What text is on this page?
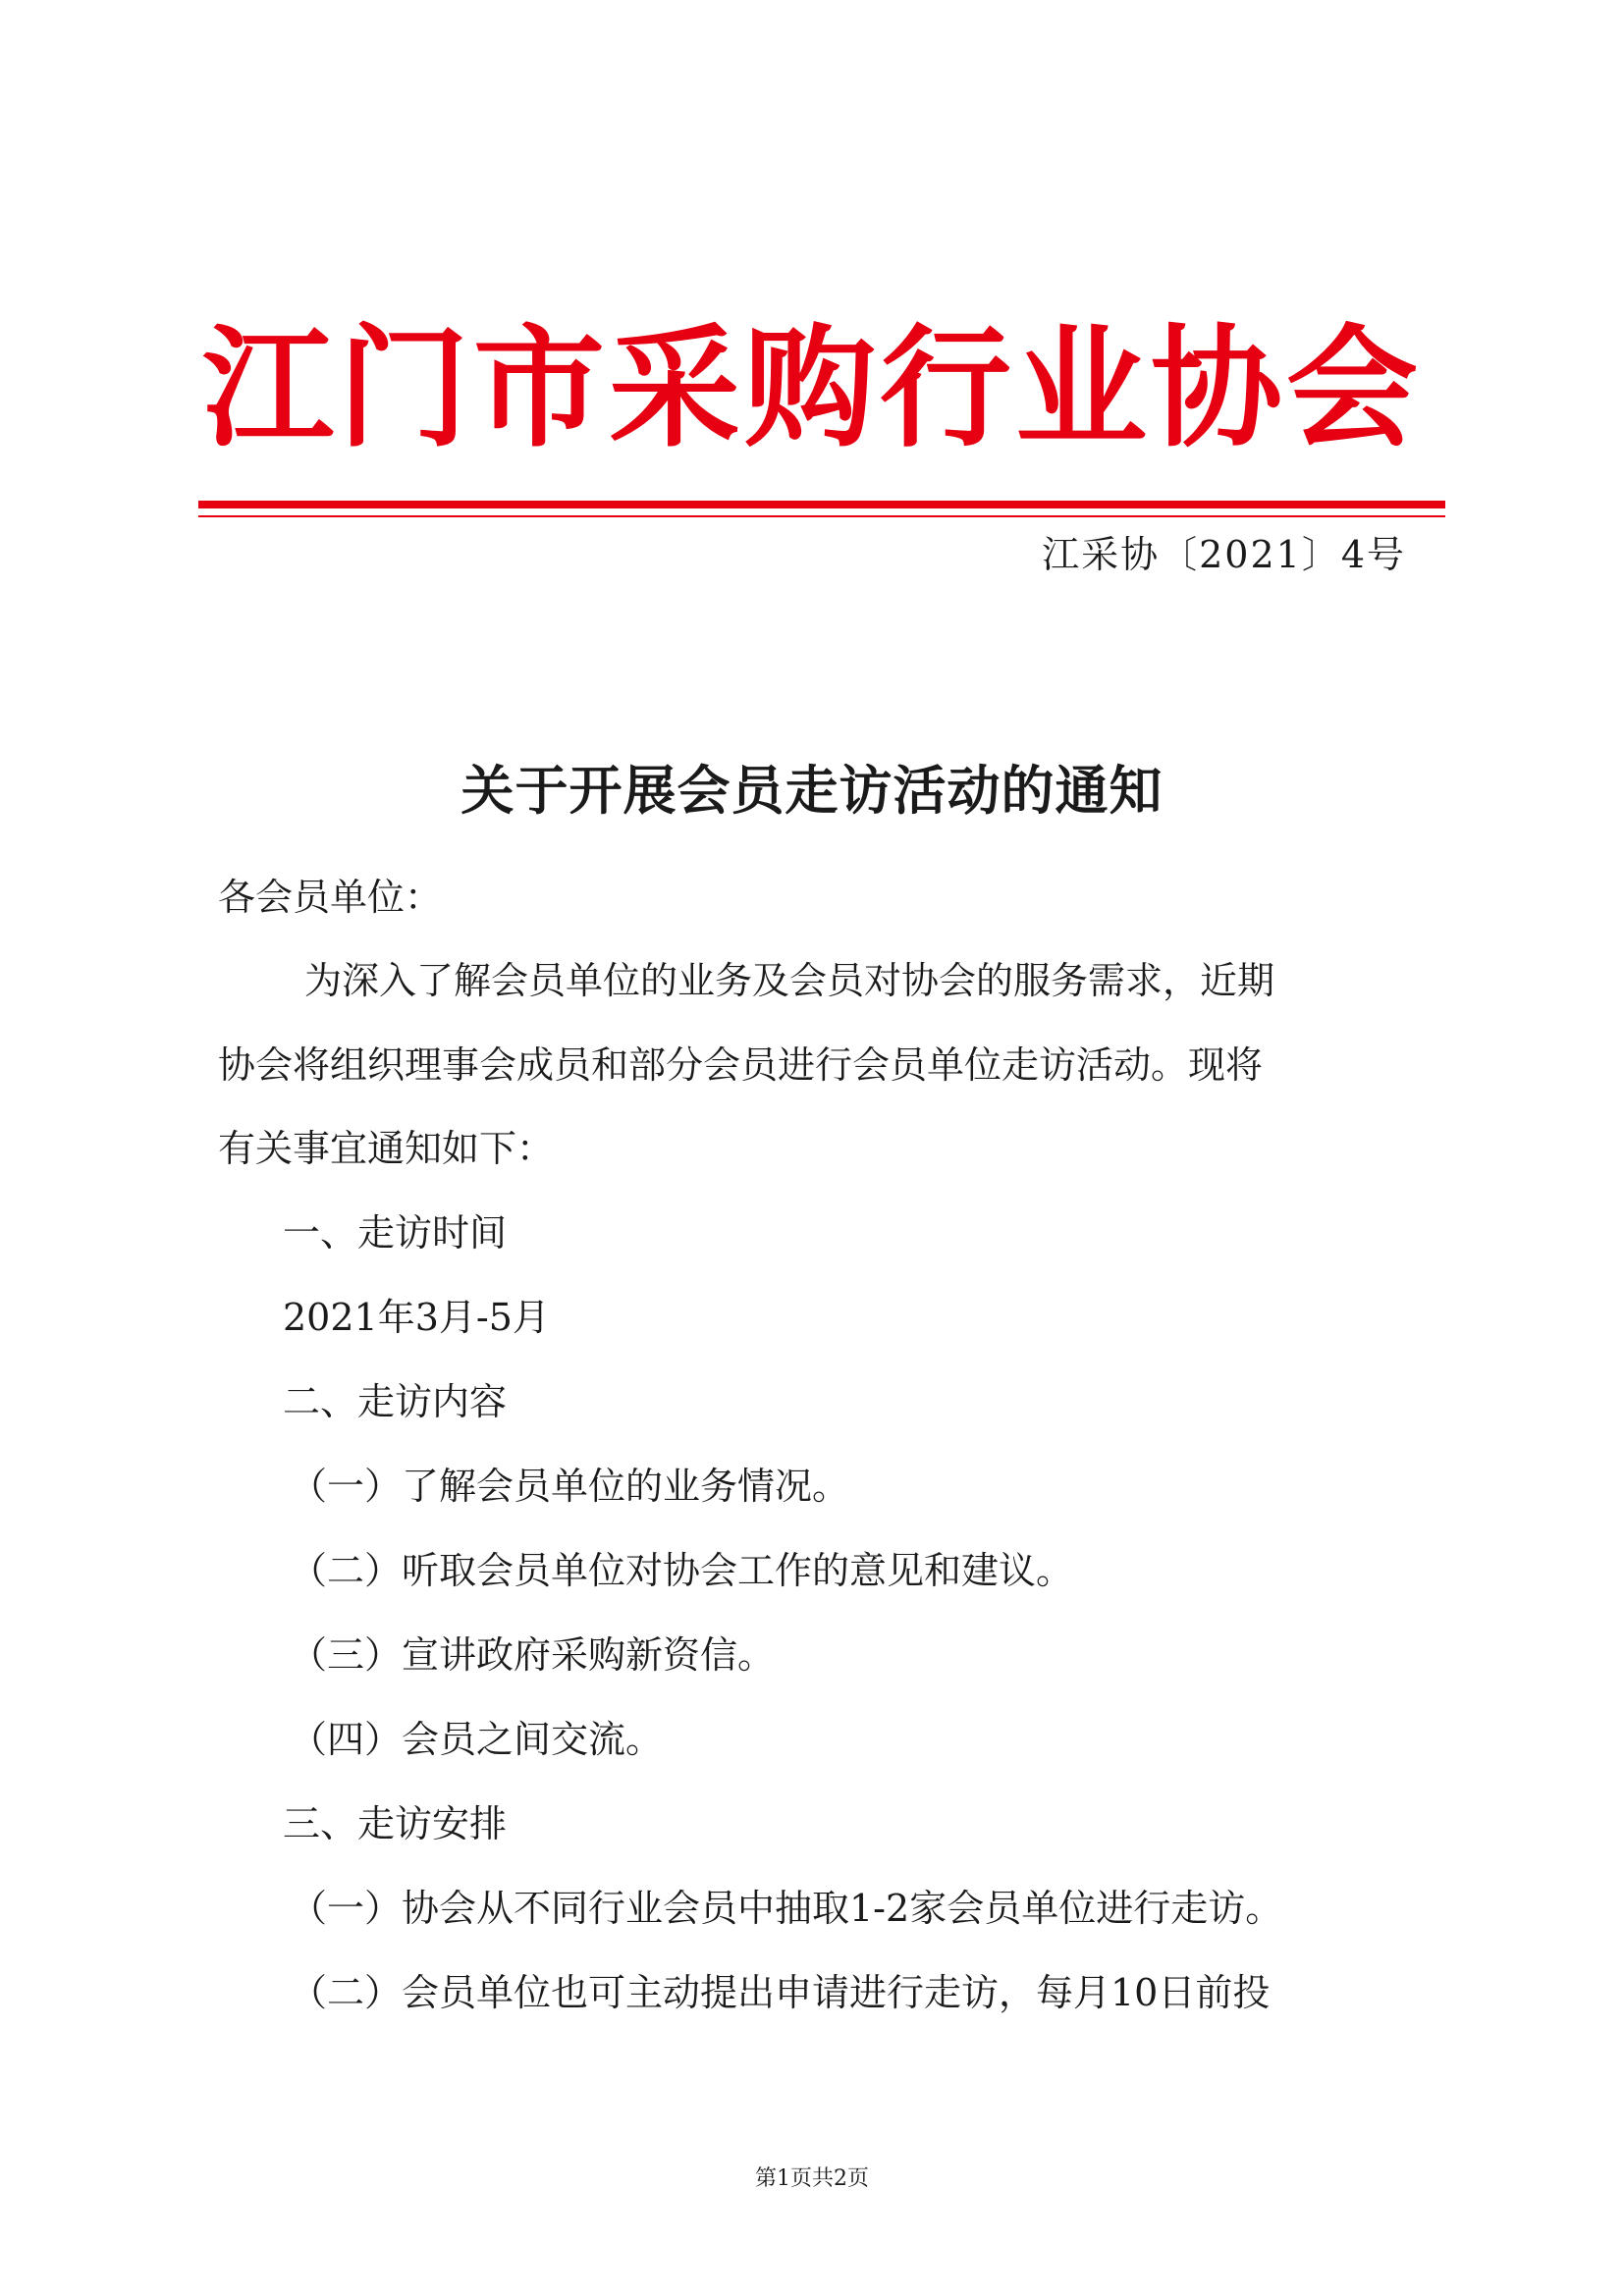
江门市采购行业协会
江采协〔2021〕4号
关于开展会员走访活动的通知
各会员单位：
为深入了解会员单位的业务及会员对协会的服务需求，近期
协会将组织理事会成员和部分会员进行会员单位走访活动。现将
有关事宜通知如下：
一、走访时间
2021年3月-5月
二、走访内容
（一）了解会员单位的业务情况。
（二）听取会员单位对协会工作的意见和建议。
（三）宣讲政府采购新资信。
（四）会员之间交流。
三、走访安排
（一）协会从不同行业会员中抽取1-2家会员单位进行走访。
（二）会员单位也可主动提出申请进行走访，每月10日前投
第1页共2页
